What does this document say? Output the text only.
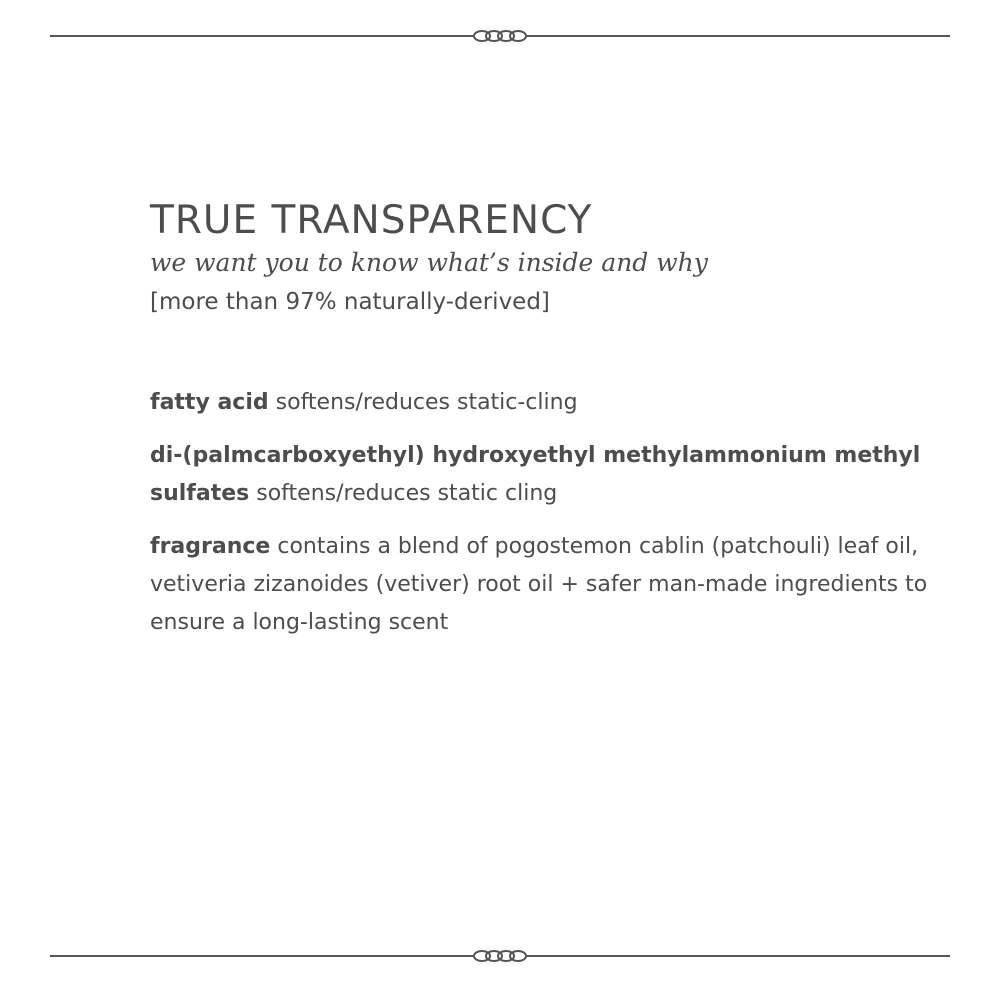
TRUE TRANSPARENCY
we want you to know what’s inside and why
[more than 97% naturally-derived]

fatty acid softens/reduces static-cling

di-(palmcarboxyethyl) hydroxyethyl methylammonium methyl sulfates softens/reduces static cling

fragrance contains a blend of pogostemon cablin (patchouli) leaf oil, vetiveria zizanoides (vetiver) root oil + safer man-made ingredients to ensure a long-lasting scent
